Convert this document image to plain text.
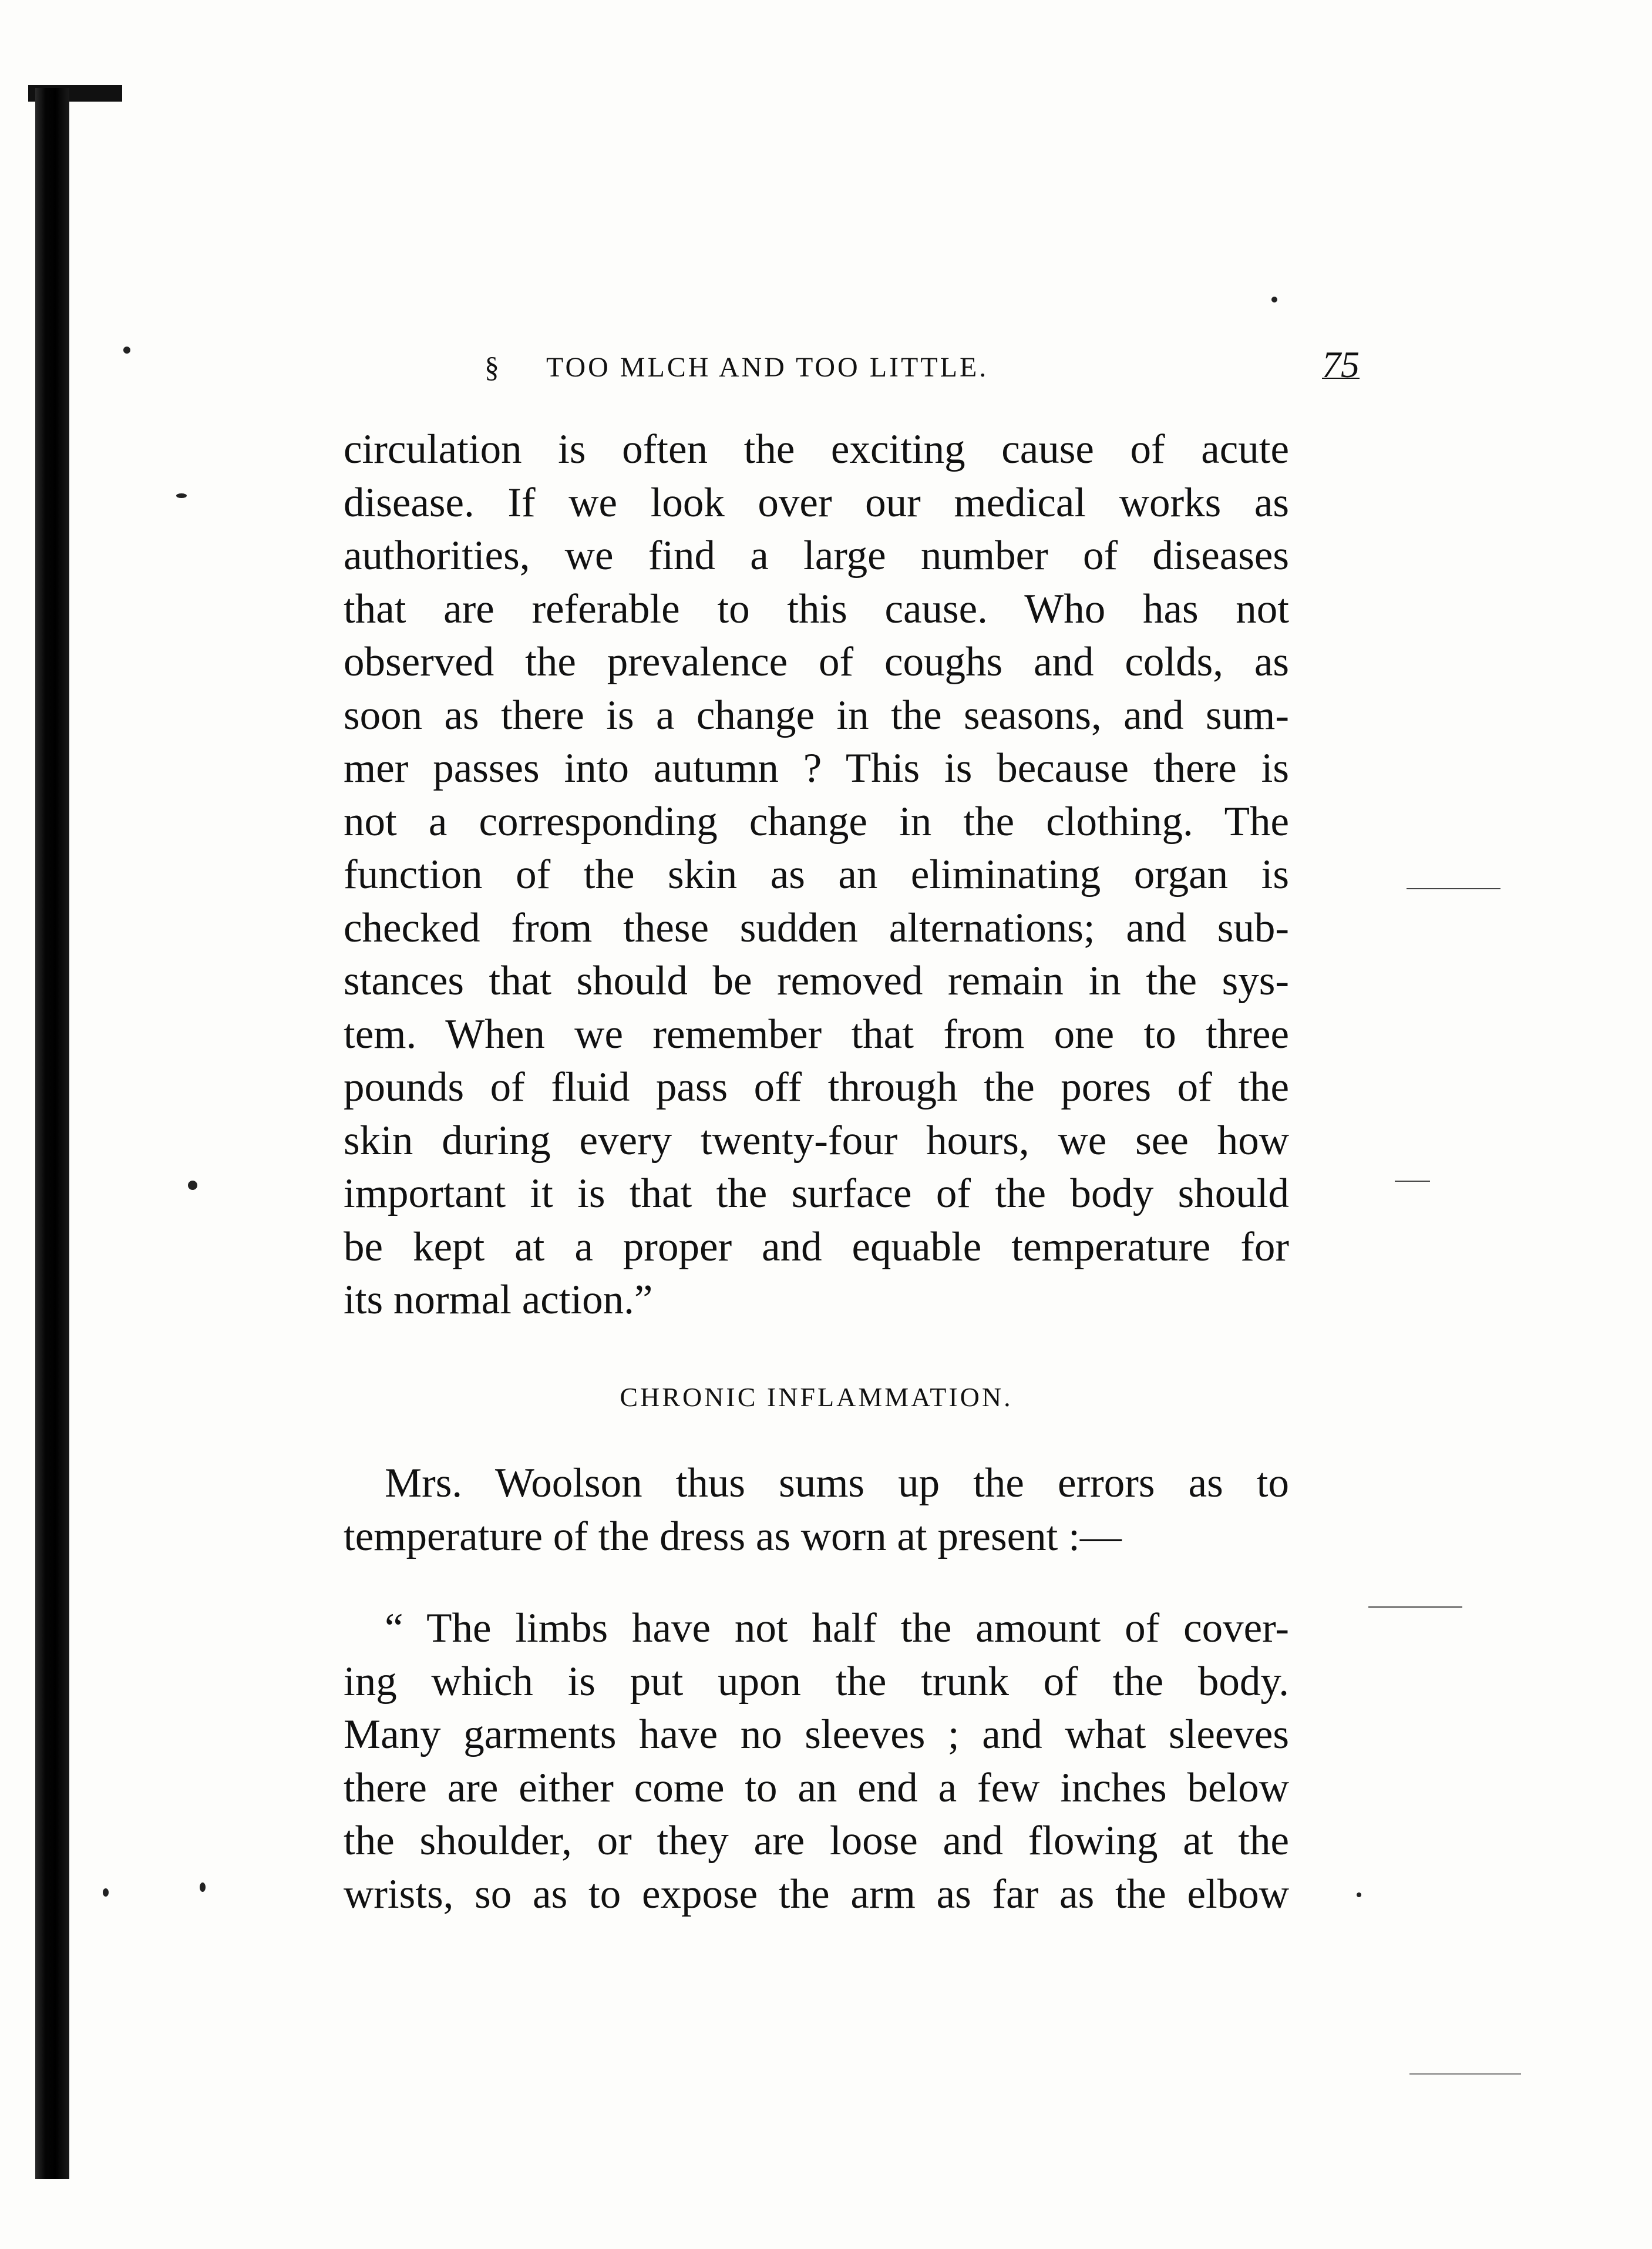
§ TOO MLCH AND TOO LITTLE.	75
circulation is often the exciting cause of acute
disease. If we look over our medical works as
authorities, we find a large number of diseases
that are referable to this cause. Who has not
observed the prevalence of coughs and colds, as
soon as there is a change in the seasons, and sum-
mer passes into autumn ? This is because there is
not a corresponding change in the clothing. The
function of the skin as an eliminating organ is
checked from these sudden alternations; and sub-
stances that should be removed remain in the sys-
tem. When we remember that from one to three
pounds of fluid pass off through the pores of the
skin during every twenty-four hours, we see how
important it is that the surface of the body should
be kept at a proper and equable temperature for
its normal action.”
CHRONIC INFLAMMATION.
Mrs. Woolson thus sums up the errors as to
temperature of the dress as worn at present :—
“ The limbs have not half the amount of cover-
ing which is put upon the trunk of the body.
Many garments have no sleeves ; and what sleeves
there are either come to an end a few inches below
the shoulder, or they are loose and flowing at the
wrists, so as to expose the arm as far as the elbow
